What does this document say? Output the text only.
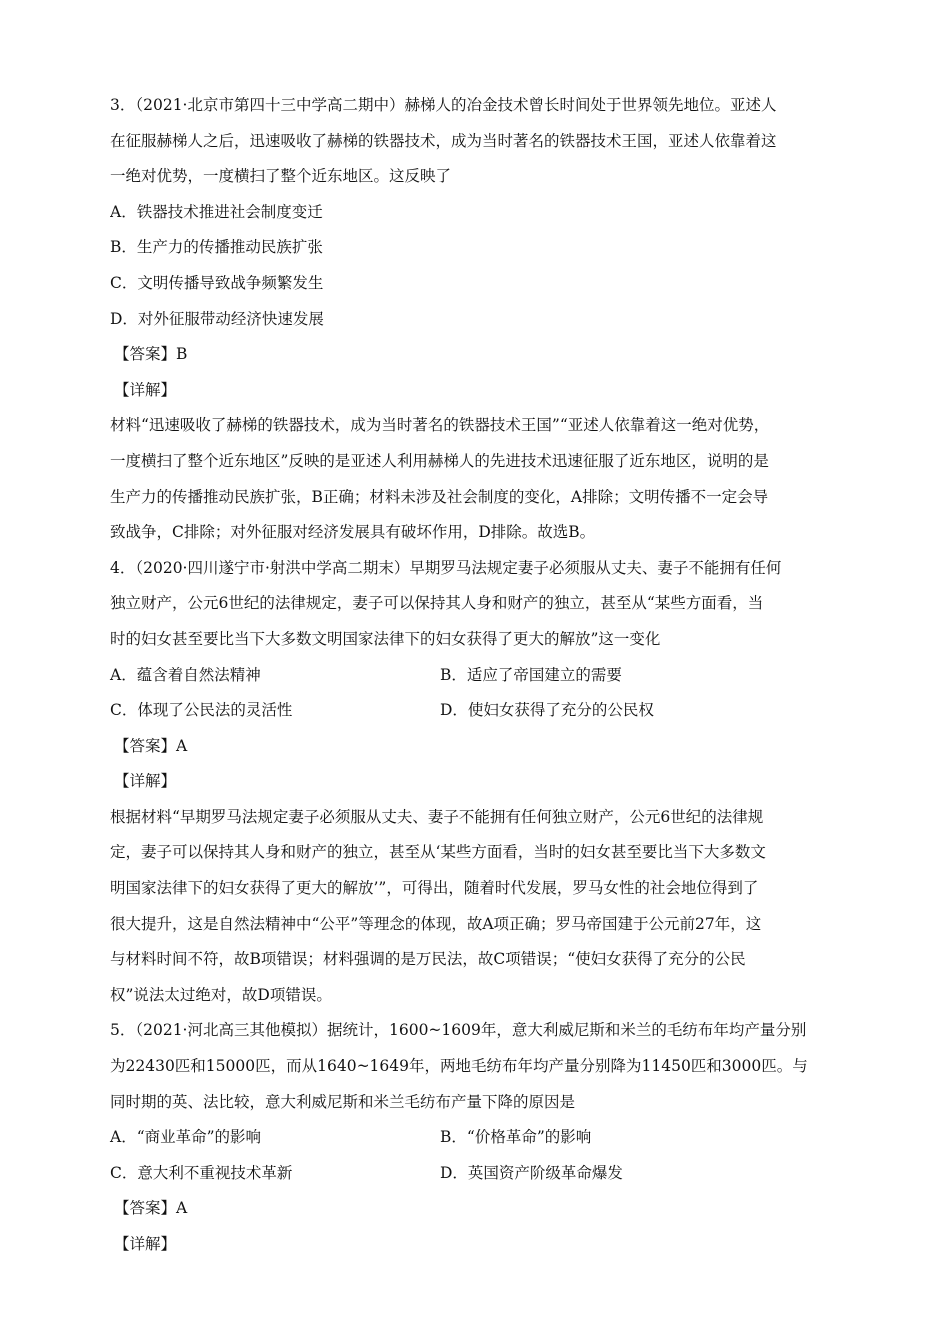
3．（2021·北京市第四十三中学高二期中）赫梯人的冶金技术曾长时间处于世界领先地位。亚述人
在征服赫梯人之后，迅速吸收了赫梯的铁器技术，成为当时著名的铁器技术王国，亚述人依靠着这
一绝对优势，一度横扫了整个近东地区。这反映了
A．铁器技术推进社会制度变迁
B．生产力的传播推动民族扩张
C．文明传播导致战争频繁发生
D．对外征服带动经济快速发展
【答案】B
【详解】
材料“迅速吸收了赫梯的铁器技术，成为当时著名的铁器技术王国”“亚述人依靠着这一绝对优势，
一度横扫了整个近东地区”反映的是亚述人利用赫梯人的先进技术迅速征服了近东地区，说明的是
生产力的传播推动民族扩张，B正确；材料未涉及社会制度的变化，A排除；文明传播不一定会导
致战争，C排除；对外征服对经济发展具有破坏作用，D排除。故选B。
4．（2020·四川遂宁市·射洪中学高二期末）早期罗马法规定妻子必须服从丈夫、妻子不能拥有任何
独立财产，公元6世纪的法律规定，妻子可以保持其人身和财产的独立，甚至从“某些方面看，当
时的妇女甚至要比当下大多数文明国家法律下的妇女获得了更大的解放”这一变化
A．蕴含着自然法精神	B．适应了帝国建立的需要
C．体现了公民法的灵活性	D．使妇女获得了充分的公民权
【答案】A
【详解】
根据材料“早期罗马法规定妻子必须服从丈夫、妻子不能拥有任何独立财产，公元6世纪的法律规
定，妻子可以保持其人身和财产的独立，甚至从‘某些方面看，当时的妇女甚至要比当下大多数文
明国家法律下的妇女获得了更大的解放’”，可得出，随着时代发展，罗马女性的社会地位得到了
很大提升，这是自然法精神中“公平”等理念的体现，故A项正确；罗马帝国建于公元前27年，这
与材料时间不符，故B项错误；材料强调的是万民法，故C项错误；“使妇女获得了充分的公民
权”说法太过绝对，故D项错误。
5．（2021·河北高三其他模拟）据统计，1600~1609年，意大利威尼斯和米兰的毛纺布年均产量分别
为22430匹和15000匹，而从1640~1649年，两地毛纺布年均产量分别降为11450匹和3000匹。与
同时期的英、法比较，意大利威尼斯和米兰毛纺布产量下降的原因是
A．“商业革命”的影响	B．“价格革命”的影响
C．意大利不重视技术革新	D．英国资产阶级革命爆发
【答案】A
【详解】
